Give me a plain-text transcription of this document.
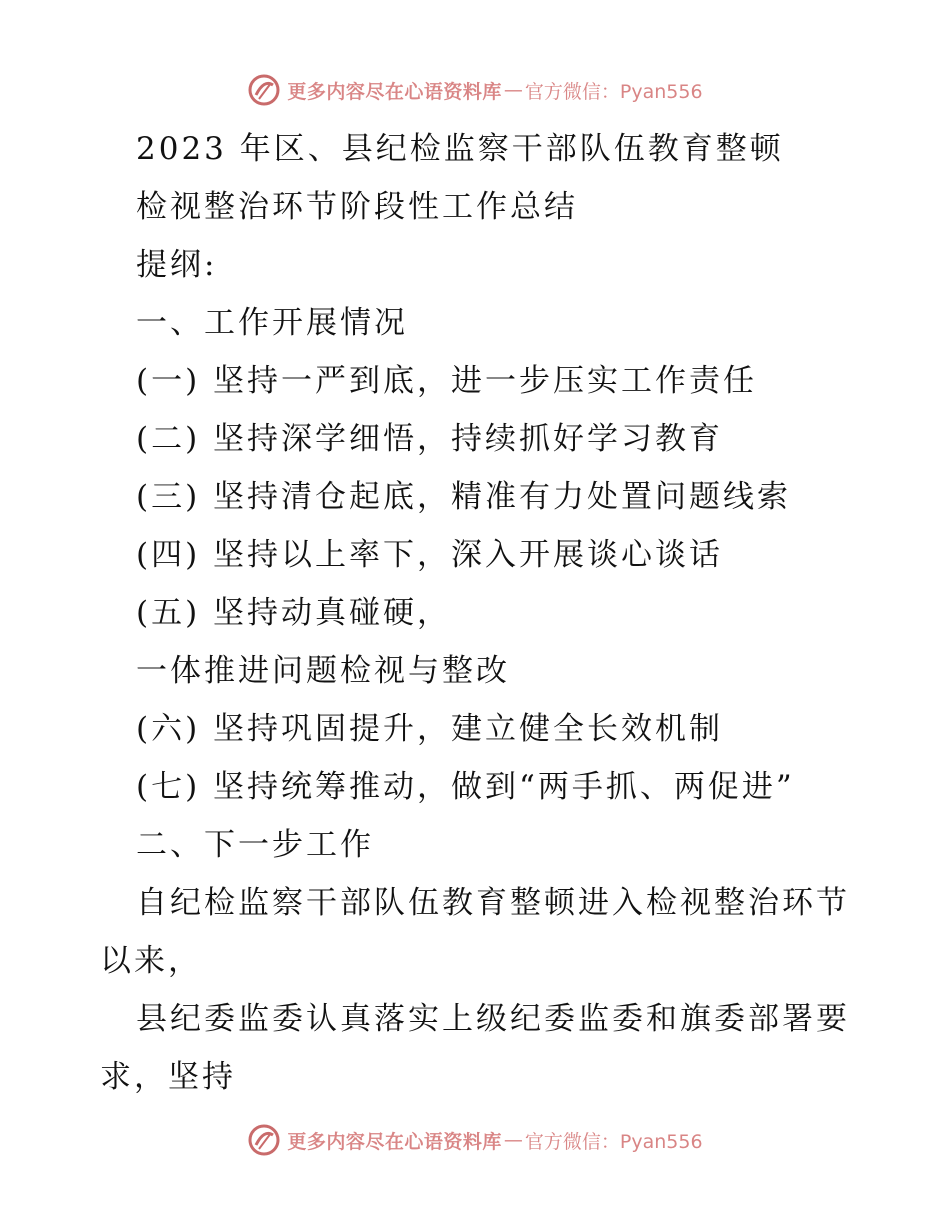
更多内容尽在心语资料库 — 官方微信：Pyan556
2023 年区、县纪检监察干部队伍教育整顿
检视整治环节阶段性工作总结
提纲:
一、工作开展情况
(一) 坚持一严到底，进一步压实工作责任
(二) 坚持深学细悟，持续抓好学习教育
(三) 坚持清仓起底，精准有力处置问题线索
(四) 坚持以上率下，深入开展谈心谈话
(五) 坚持动真碰硬，
一体推进问题检视与整改
(六) 坚持巩固提升，建立健全长效机制
(七) 坚持统筹推动，做到“两手抓、两促进”
二、下一步工作
自纪检监察干部队伍教育整顿进入检视整治环节
以来，
县纪委监委认真落实上级纪委监委和旗委部署要
求，坚持
更多内容尽在心语资料库 — 官方微信：Pyan556
